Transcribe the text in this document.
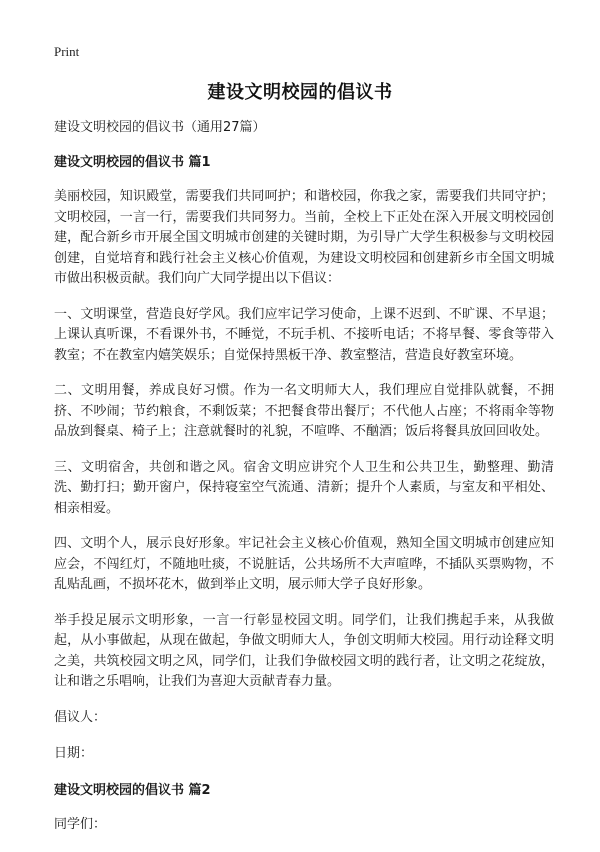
Print
建设文明校园的倡议书

建设文明校园的倡议书（通用27篇）

建设文明校园的倡议书 篇1

美丽校园，知识殿堂，需要我们共同呵护；和谐校园，你我之家，需要我们共同守护；文明校园，一言一行，需要我们共同努力。当前，全校上下正处在深入开展文明校园创建，配合新乡市开展全国文明城市创建的关键时期，为引导广大学生积极参与文明校园创建，自觉培育和践行社会主义核心价值观，为建设文明校园和创建新乡市全国文明城市做出积极贡献。我们向广大同学提出以下倡议：

一、文明课堂，营造良好学风。我们应牢记学习使命，上课不迟到、不旷课、不早退；上课认真听课，不看课外书，不睡觉，不玩手机、不接听电话；不将早餐、零食等带入教室；不在教室内嬉笑娱乐；自觉保持黑板干净、教室整洁，营造良好教室环境。

二、文明用餐，养成良好习惯。作为一名文明师大人，我们理应自觉排队就餐，不拥挤、不吵闹；节约粮食，不剩饭菜；不把餐食带出餐厅；不代他人占座；不将雨伞等物品放到餐桌、椅子上；注意就餐时的礼貌，不喧哗、不酗酒；饭后将餐具放回回收处。

三、文明宿舍，共创和谐之风。宿舍文明应讲究个人卫生和公共卫生，勤整理、勤清洗、勤打扫；勤开窗户，保持寝室空气流通、清新；提升个人素质，与室友和平相处、相亲相爱。

四、文明个人，展示良好形象。牢记社会主义核心价值观，熟知全国文明城市创建应知应会，不闯红灯，不随地吐痰，不说脏话，公共场所不大声喧哗，不插队买票购物，不乱贴乱画，不损坏花木，做到举止文明，展示师大学子良好形象。

举手投足展示文明形象，一言一行彰显校园文明。同学们，让我们携起手来，从我做起，从小事做起，从现在做起，争做文明师大人，争创文明师大校园。用行动诠释文明之美，共筑校园文明之风，同学们，让我们争做校园文明的践行者，让文明之花绽放，让和谐之乐唱响，让我们为喜迎大贡献青春力量。

倡议人：

日期：

建设文明校园的倡议书 篇2

同学们：
